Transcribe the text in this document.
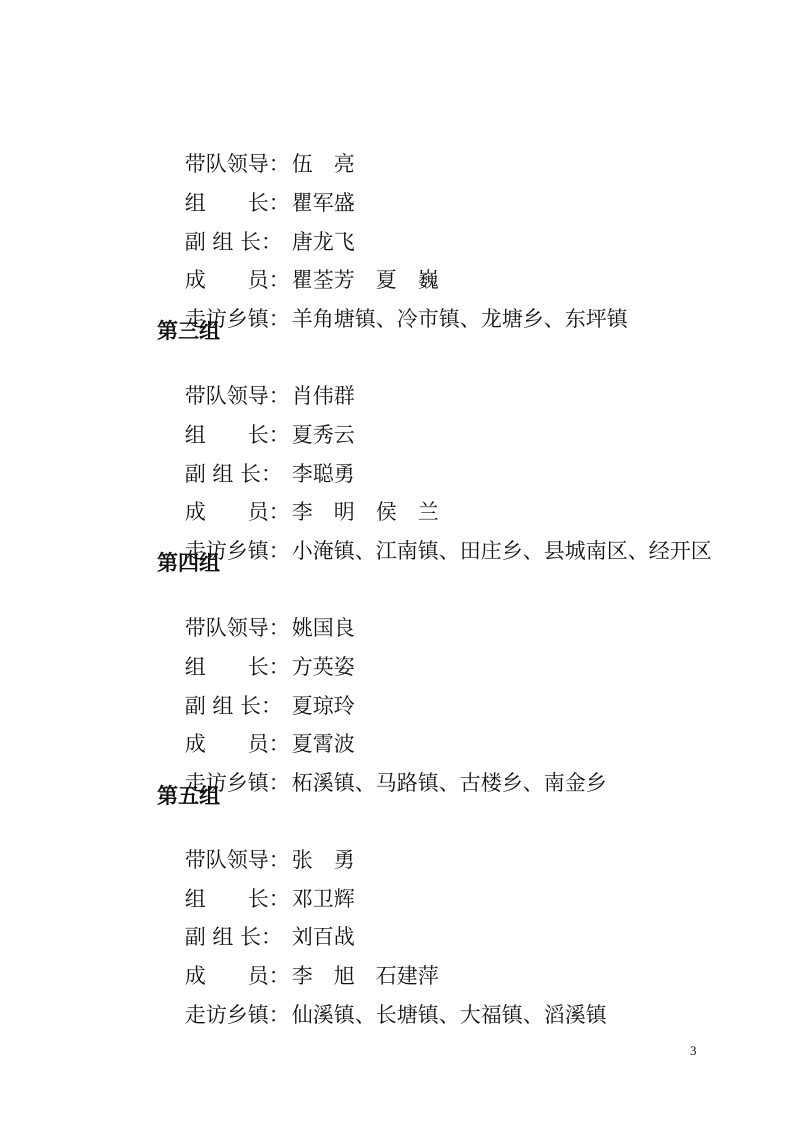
带队领导：伍　亮

组　　长：瞿军盛

副 组 长： 唐龙飞

成　　员：瞿荃芳　夏　巍

走访乡镇：羊角塘镇、冷市镇、龙塘乡、东坪镇

第三组

带队领导：肖伟群

组　　长：夏秀云

副 组 长： 李聪勇

成　　员：李　明　侯　兰

走访乡镇：小淹镇、江南镇、田庄乡、县城南区、经开区

第四组

带队领导：姚国良

组　　长：方英姿

副 组 长： 夏琼玲

成　　员：夏霄波

走访乡镇：柘溪镇、马路镇、古楼乡、南金乡

第五组

带队领导：张　勇

组　　长：邓卫辉

副 组 长： 刘百战

成　　员：李　旭　石建萍

走访乡镇：仙溪镇、长塘镇、大福镇、滔溪镇

3
